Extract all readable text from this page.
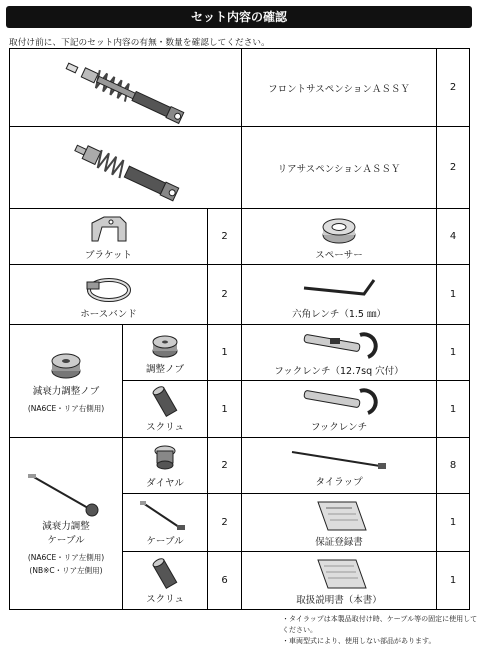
セット内容の確認
取付け前に、下記のセット内容の有無・数量を確認してください。
	フロントサスペンションＡＳＳＹ	2

	リアサスペンションＡＳＳＹ	2

ブラケット		2	スペーサー	4

ホースバンド		2	六角レンチ（1.5 ㎜）	1

減衰力調整ノブ
(NA6CE・リア右側用)	調整ノブ	1	フックレンチ（12.7sq 穴付）	1

	スクリュ	1	フックレンチ	1

減衰力調整
ケーブル
(NA6CE・リア左側用)
(NB※C・リア左側用)	ダイヤル	2	タイラップ	8

	ケーブル	2	保証登録書	1

	スクリュ	6	取扱説明書（本書）	1
・タイラップは本製品取付け時、ケーブル等の固定に使用してください。
・車両型式により、使用しない部品があります。
